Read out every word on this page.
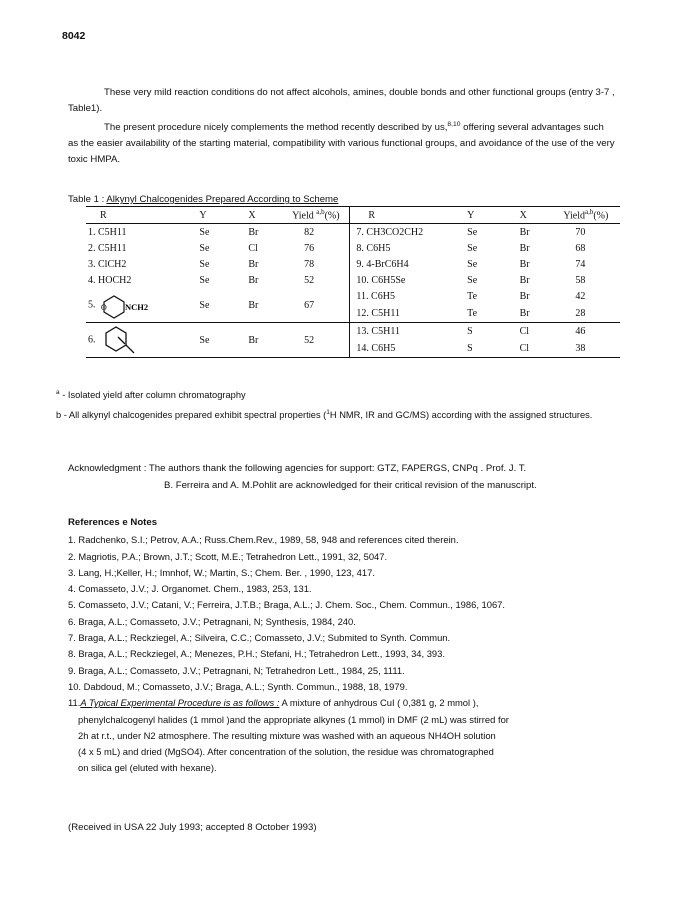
8042

These very mild reaction conditions do not affect alcohols, amines, double bonds and other functional groups (entry 3-7 , Table1).

The present procedure nicely complements the method recently described by us,$^{8,10}$ offering several advantages such as the easier availability of the starting material, compatibility with various functional groups, and avoidance of the use of the very toxic HMPA.

Table 1 : Alkynyl Chalcogenides Prepared According to Scheme

R	Y	X	Yield $^{a,b}$(%)	R	Y	X	Yield$^{a,b}$(%)
1. C5H11	Se	Br	82	7. CH3CO2CH2	Se	Br	70
2. C5H11	Se	Cl	76	8. C6H5	Se	Br	68
3. ClCH2	Se	Br	78	9. 4-BrC6H4	Se	Br	74
4. HOCH2	Se	Br	52	10. C6H5Se	Se	Br	58
5. O NCH2	Se	Br	67	11. C6H5	Te	Br	42
				12. C5H11	Te	Br	28
6.	Se	Br	52	13. C5H11	S	Cl	46
				14. C6H5	S	Cl	38
$^a$ - Isolated yield after column chromatography
b - All alkynyl chalcogenides prepared exhibit spectral properties ($^1$H NMR, IR and GC/MS) according with the assigned structures.
Acknowledgment : The authors thank the following agencies for support: GTZ, FAPERGS, CNPq . Prof. J. T.
B. Ferreira and A. M.Pohlit are acknowledged for their critical revision of the manuscript.
References e Notes
1. Radchenko, S.I.; Petrov, A.A.; Russ.Chem.Rev., 1989, 58, 948 and references cited therein.
2. Magriotis, P.A.; Brown, J.T.; Scott, M.E.; Tetrahedron Lett., 1991, 32, 5047.
3. Lang, H.;Keller, H.; Imnhof, W.; Martin, S.; Chem. Ber. , 1990, 123, 417.
4. Comasseto, J.V.; J. Organomet. Chem., 1983, 253, 131.
5. Comasseto, J.V.; Catani, V.; Ferreira, J.T.B.; Braga, A.L.; J. Chem. Soc., Chem. Commun., 1986, 1067.
6. Braga, A.L.; Comasseto, J.V.; Petragnani, N; Synthesis, 1984, 240.
7. Braga, A.L.; Reckziegel, A.; Silveira, C.C.; Comasseto, J.V.; Submited to Synth. Commun.
8. Braga, A.L.; Reckziegel, A.; Menezes, P.H.; Stefani, H.; Tetrahedron Lett., 1993, 34, 393.
9. Braga, A.L.; Comasseto, J.V.; Petragnani, N; Tetrahedron Lett., 1984, 25, 1111.
10. Dabdoud, M.; Comasseto, J.V.; Braga, A.L.; Synth. Commun., 1988, 18, 1979.
11.A Typical Experimental Procedure is as follows : A mixture of anhydrous CuI ( 0,381 g, 2 mmol ),
phenylchalcogenyl halides (1 mmol )and the appropriate alkynes (1 mmol) in DMF (2 mL) was stirred for
2h at r.t., under N2 atmosphere. The resulting mixture was washed with an aqueous NH4OH solution
(4 x 5 mL) and dried (MgSO4). After concentration of the solution, the residue was chromatographed
on silica gel (eluted with hexane).
(Received in USA 22 July 1993; accepted 8 October 1993)
